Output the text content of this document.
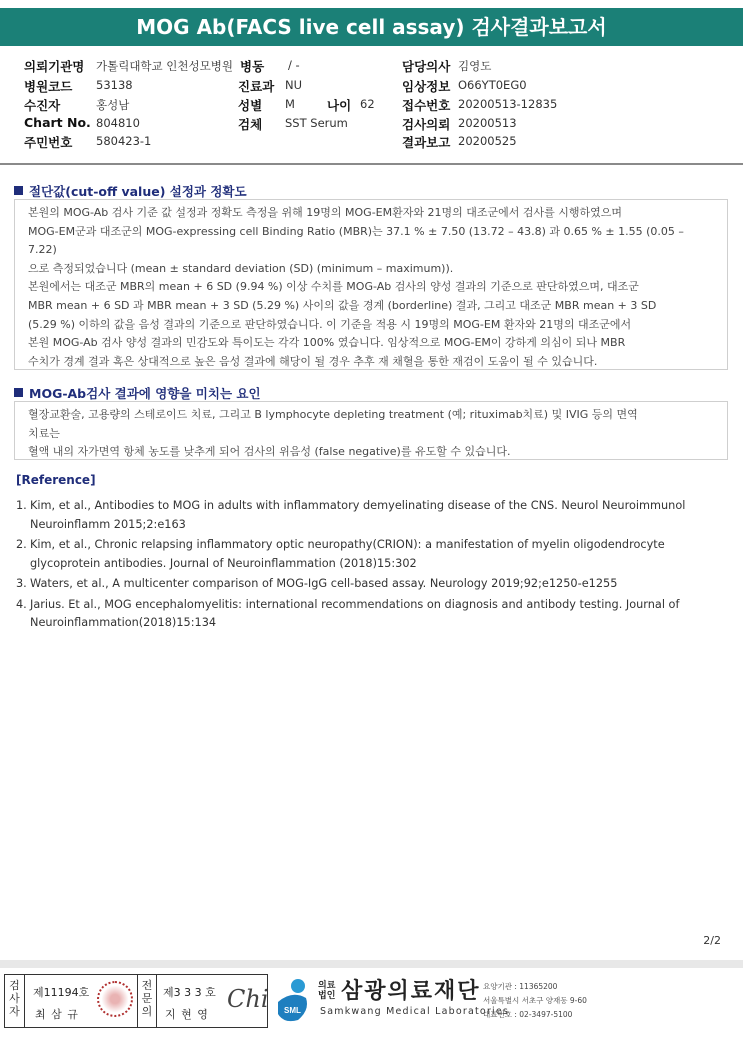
MOG Ab(FACS live cell assay) 검사결과보고서
의뢰기관명 가톨릭대학교 인천성모병원
병원코드 53138
수진자	홍성남
Chart No. 804810
주민번호 580423-1
병동 / -
진료과 NU
성별 M	나이 62
검체 SST Serum
담당의사 김영도
임상정보 O66YT0EG0
접수번호 20200513-12835
검사의뢰 20200513
결과보고 20200525
절단값(cut-off value) 설정과 정확도

본원의 MOG-Ab 검사 기준 값 설정과 정확도 측정을 위해 19명의 MOG-EM환자와 21명의 대조군에서 검사를 시행하였으며

MOG-EM군과 대조군의 MOG-expressing cell Binding Ratio (MBR)는 37.1 % ± 7.50 (13.72 – 43.8) 과 0.65 % ± 1.55 (0.05 –

7.22)

으로 측정되었습니다 (mean ± standard deviation (SD) (minimum – maximum)).

본원에서는 대조군 MBR의 mean + 6 SD (9.94 %) 이상 수치를 MOG-Ab 검사의 양성 결과의 기준으로 판단하였으며, 대조군

MBR mean + 6 SD 과 MBR mean + 3 SD (5.29 %) 사이의 값을 경계 (borderline) 결과, 그리고 대조군 MBR mean + 3 SD

(5.29 %) 이하의 값을 음성 결과의 기준으로 판단하였습니다. 이 기준을 적용 시 19명의 MOG-EM 환자와 21명의 대조군에서

본원 MOG-Ab 검사 양성 결과의 민감도와 특이도는 각각 100% 였습니다. 임상적으로 MOG-EM이 강하게 의심이 되나 MBR

수치가 경계 결과 혹은 상대적으로 높은 음성 결과에 해당이 될 경우 추후 재 채혈을 통한 재검이 도움이 될 수 있습니다.

MOG-Ab검사 결과에 영향을 미치는 요인

혈장교환술, 고용량의 스테로이드 치료, 그리고 B lymphocyte depleting treatment (예; rituximab치료) 및 IVIG 등의 면역

치료는

혈액 내의 자가면역 항체 농도를 낮추게 되어 검사의 위음성 (false negative)를 유도할 수 있습니다.

[Reference]
1. Kim, et al., Antibodies to MOG in adults with inflammatory demyelinating disease of the CNS. Neurol Neuroimmunol
Neuroinflamm 2015;2:e163
2. Kim, et al., Chronic relapsing inflammatory optic neuropathy(CRION): a manifestation of myelin oligodendrocyte
glycoprotein antibodies. Journal of Neuroinflammation (2018)15:302
3. Waters, et al., A multicenter comparison of MOG-IgG cell-based assay. Neurology 2019;92;e1250-e1255
4. Jarius. Et al., MOG encephalomyelitis: international recommendations on diagnosis and antibody testing. Journal of
Neuroinflammation(2018)15:134
2/2
검사자
제11194호
최 삼 규
전문의
제3 3 3 호
지 현 영
Chi SML
의료
법인 삼광의료재단
Samkwang Medical Laboratories
요양기관 : 11365200
서울특별시 서초구 양재동 9-60
대표번호 : 02-3497-5100
